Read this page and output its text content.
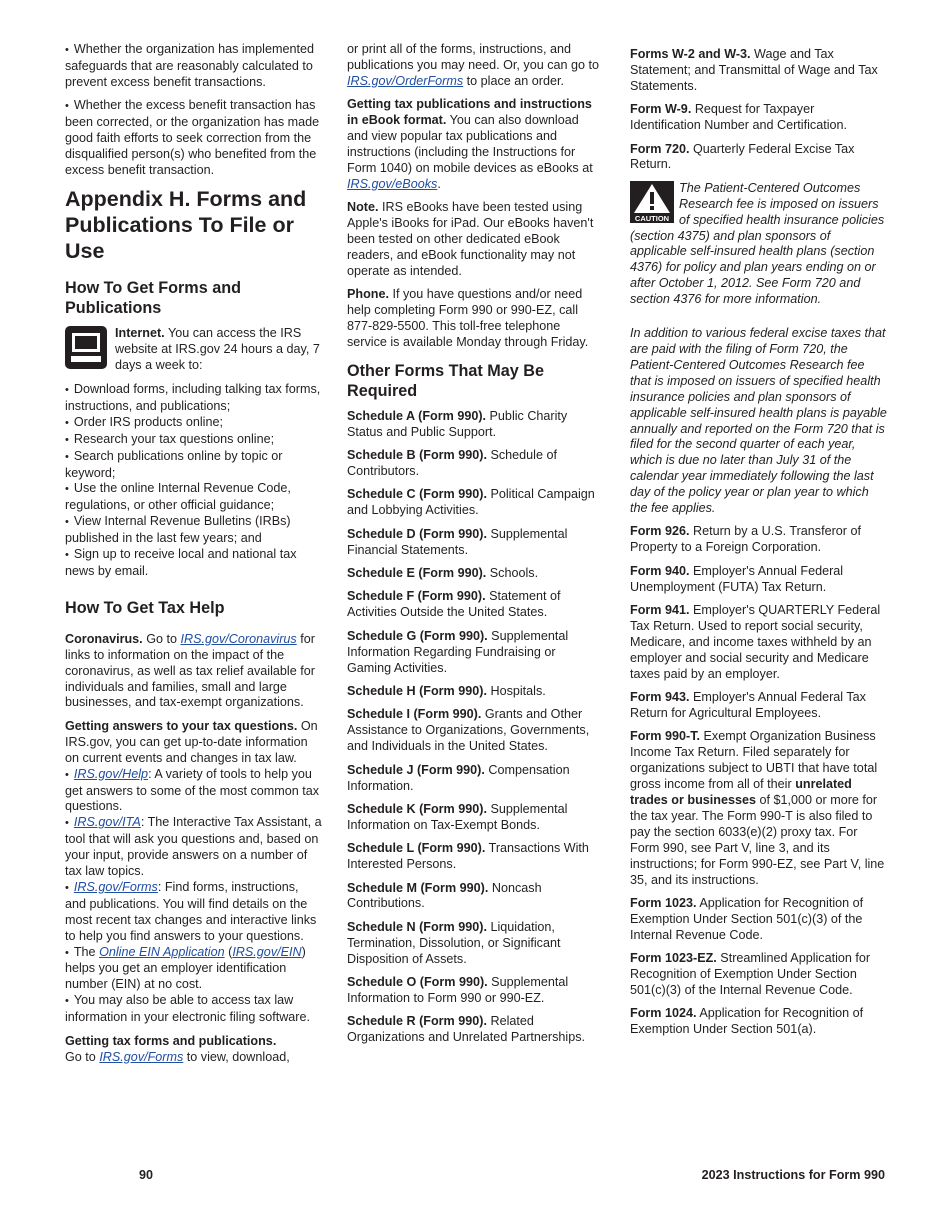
• Whether the organization has implemented safeguards that are reasonably calculated to prevent excess benefit transactions.

• Whether the excess benefit transaction has been corrected, or the organization has made good faith efforts to seek correction from the disqualified person(s) who benefited from the excess benefit transaction.

Appendix H. Forms and Publications To File or Use
How To Get Forms and Publications
Internet. You can access the IRS website at IRS.gov 24 hours a day, 7 days a week to:
• Download forms, including talking tax forms, instructions, and publications;
• Order IRS products online;
• Research your tax questions online;
• Search publications online by topic or keyword;
• Use the online Internal Revenue Code, regulations, or other official guidance;
• View Internal Revenue Bulletins (IRBs) published in the last few years; and
• Sign up to receive local and national tax news by email.
How To Get Tax Help

Coronavirus. Go to IRS.gov/Coronavirus for links to information on the impact of the coronavirus, as well as tax relief available for individuals and families, small and large businesses, and tax-exempt organizations.

Getting answers to your tax questions. On IRS.gov, you can get up-to-date information on current events and changes in tax law.
• IRS.gov/Help: A variety of tools to help you get answers to some of the most common tax questions.
• IRS.gov/ITA: The Interactive Tax Assistant, a tool that will ask you questions and, based on your input, provide answers on a number of tax law topics.
• IRS.gov/Forms: Find forms, instructions, and publications. You will find details on the most recent tax changes and interactive links to help you find answers to your questions.
• The Online EIN Application (IRS.gov/EIN) helps you get an employer identification number (EIN) at no cost.
• You may also be able to access tax law information in your electronic filing software.

Getting tax forms and publications.
Go to IRS.gov/Forms to view, download,

or print all of the forms, instructions, and publications you may need. Or, you can go to IRS.gov/OrderForms to place an order.

Getting tax publications and instructions in eBook format. You can also download and view popular tax publications and instructions (including the Instructions for Form 1040) on mobile devices as eBooks at IRS.gov/eBooks.

Note. IRS eBooks have been tested using Apple's iBooks for iPad. Our eBooks haven't been tested on other dedicated eBook readers, and eBook functionality may not operate as intended.

Phone. If you have questions and/or need help completing Form 990 or 990-EZ, call 877-829-5500. This toll-free telephone service is available Monday through Friday.

Other Forms That May Be Required

Schedule A (Form 990). Public Charity Status and Public Support.

Schedule B (Form 990). Schedule of Contributors.

Schedule C (Form 990). Political Campaign and Lobbying Activities.

Schedule D (Form 990). Supplemental Financial Statements.

Schedule E (Form 990). Schools.

Schedule F (Form 990). Statement of Activities Outside the United States.

Schedule G (Form 990). Supplemental Information Regarding Fundraising or Gaming Activities.

Schedule H (Form 990). Hospitals.

Schedule I (Form 990). Grants and Other Assistance to Organizations, Governments, and Individuals in the United States.

Schedule J (Form 990). Compensation Information.

Schedule K (Form 990). Supplemental Information on Tax-Exempt Bonds.

Schedule L (Form 990). Transactions With Interested Persons.

Schedule M (Form 990). Noncash Contributions.

Schedule N (Form 990). Liquidation, Termination, Dissolution, or Significant Disposition of Assets.

Schedule O (Form 990). Supplemental Information to Form 990 or 990-EZ.

Schedule R (Form 990). Related Organizations and Unrelated Partnerships.

Forms W-2 and W-3. Wage and Tax Statement; and Transmittal of Wage and Tax Statements.

Form W-9. Request for Taxpayer Identification Number and Certification.

Form 720. Quarterly Federal Excise Tax Return.

CAUTION
The Patient-Centered Outcomes Research fee is imposed on issuers of specified health insurance policies (section 4375) and plan sponsors of applicable self-insured health plans (section 4376) for policy and plan years ending on or after October 1, 2012. See Form 720 and section 4376 for more information.

In addition to various federal excise taxes that are paid with the filing of Form 720, the Patient-Centered Outcomes Research fee that is imposed on issuers of specified health insurance policies and plan sponsors of applicable self-insured health plans is payable annually and reported on the Form 720 that is filed for the second quarter of each year, which is due no later than July 31 of the calendar year immediately following the last day of the policy year or plan year to which the fee applies.

Form 926. Return by a U.S. Transferor of Property to a Foreign Corporation.

Form 940. Employer's Annual Federal Unemployment (FUTA) Tax Return.

Form 941. Employer's QUARTERLY Federal Tax Return. Used to report social security, Medicare, and income taxes withheld by an employer and social security and Medicare taxes paid by an employer.

Form 943. Employer's Annual Federal Tax Return for Agricultural Employees.

Form 990-T. Exempt Organization Business Income Tax Return. Filed separately for organizations subject to UBTI that have total gross income from all of their unrelated trades or businesses of $1,000 or more for the tax year. The Form 990-T is also filed to pay the section 6033(e)(2) proxy tax. For Form 990, see Part V, line 3, and its instructions; for Form 990-EZ, see Part V, line 35, and its instructions.

Form 1023. Application for Recognition of Exemption Under Section 501(c)(3) of the Internal Revenue Code.

Form 1023-EZ. Streamlined Application for Recognition of Exemption Under Section 501(c)(3) of the Internal Revenue Code.

Form 1024. Application for Recognition of Exemption Under Section 501(a).

90	2023 Instructions for Form 990
